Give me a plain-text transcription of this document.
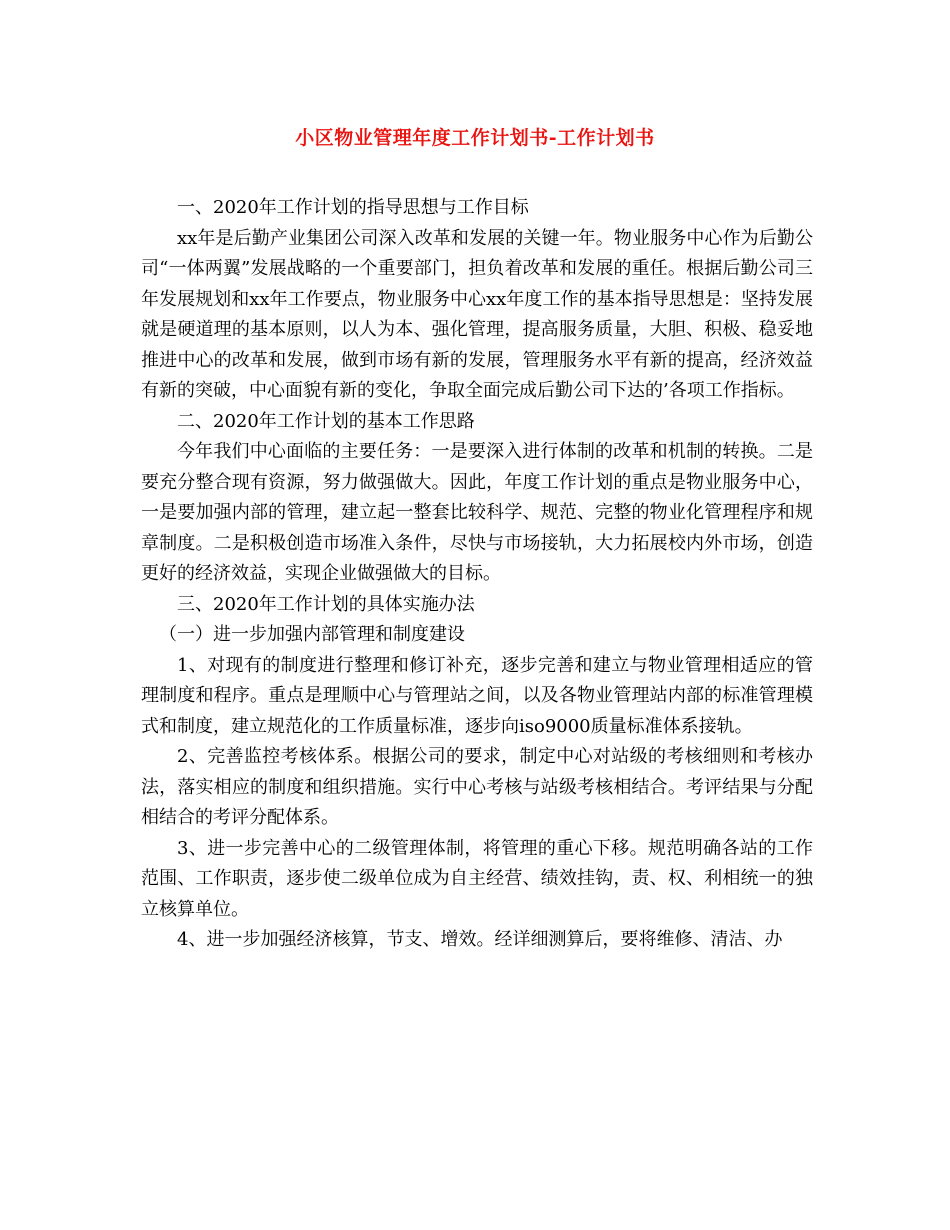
小区物业管理年度工作计划书-工作计划书

一、2020年工作计划的指导思想与工作目标

xx年是后勤产业集团公司深入改革和发展的关键一年。物业服务中心作为后勤公司“一体两翼”发展战略的一个重要部门，担负着改革和发展的重任。根据后勤公司三年发展规划和xx年工作要点，物业服务中心xx年度工作的基本指导思想是：坚持发展就是硬道理的基本原则，以人为本、强化管理，提高服务质量，大胆、积极、稳妥地推进中心的改革和发展，做到市场有新的发展，管理服务水平有新的提高，经济效益有新的突破，中心面貌有新的变化，争取全面完成后勤公司下达的’各项工作指标。

二、2020年工作计划的基本工作思路

今年我们中心面临的主要任务：一是要深入进行体制的改革和机制的转换。二是要充分整合现有资源，努力做强做大。因此，年度工作计划的重点是物业服务中心，一是要加强内部的管理，建立起一整套比较科学、规范、完整的物业化管理程序和规章制度。二是积极创造市场准入条件，尽快与市场接轨，大力拓展校内外市场，创造更好的经济效益，实现企业做强做大的目标。

三、2020年工作计划的具体实施办法

（一）进一步加强内部管理和制度建设

1、对现有的制度进行整理和修订补充，逐步完善和建立与物业管理相适应的管理制度和程序。重点是理顺中心与管理站之间，以及各物业管理站内部的标准管理模式和制度，建立规范化的工作质量标准，逐步向iso9000质量标准体系接轨。

2、完善监控考核体系。根据公司的要求，制定中心对站级的考核细则和考核办法，落实相应的制度和组织措施。实行中心考核与站级考核相结合。考评结果与分配相结合的考评分配体系。

3、进一步完善中心的二级管理体制，将管理的重心下移。规范明确各站的工作范围、工作职责，逐步使二级单位成为自主经营、绩效挂钩，责、权、利相统一的独立核算单位。

4、进一步加强经济核算，节支、增效。经详细测算后，要将维修、清洁、办
